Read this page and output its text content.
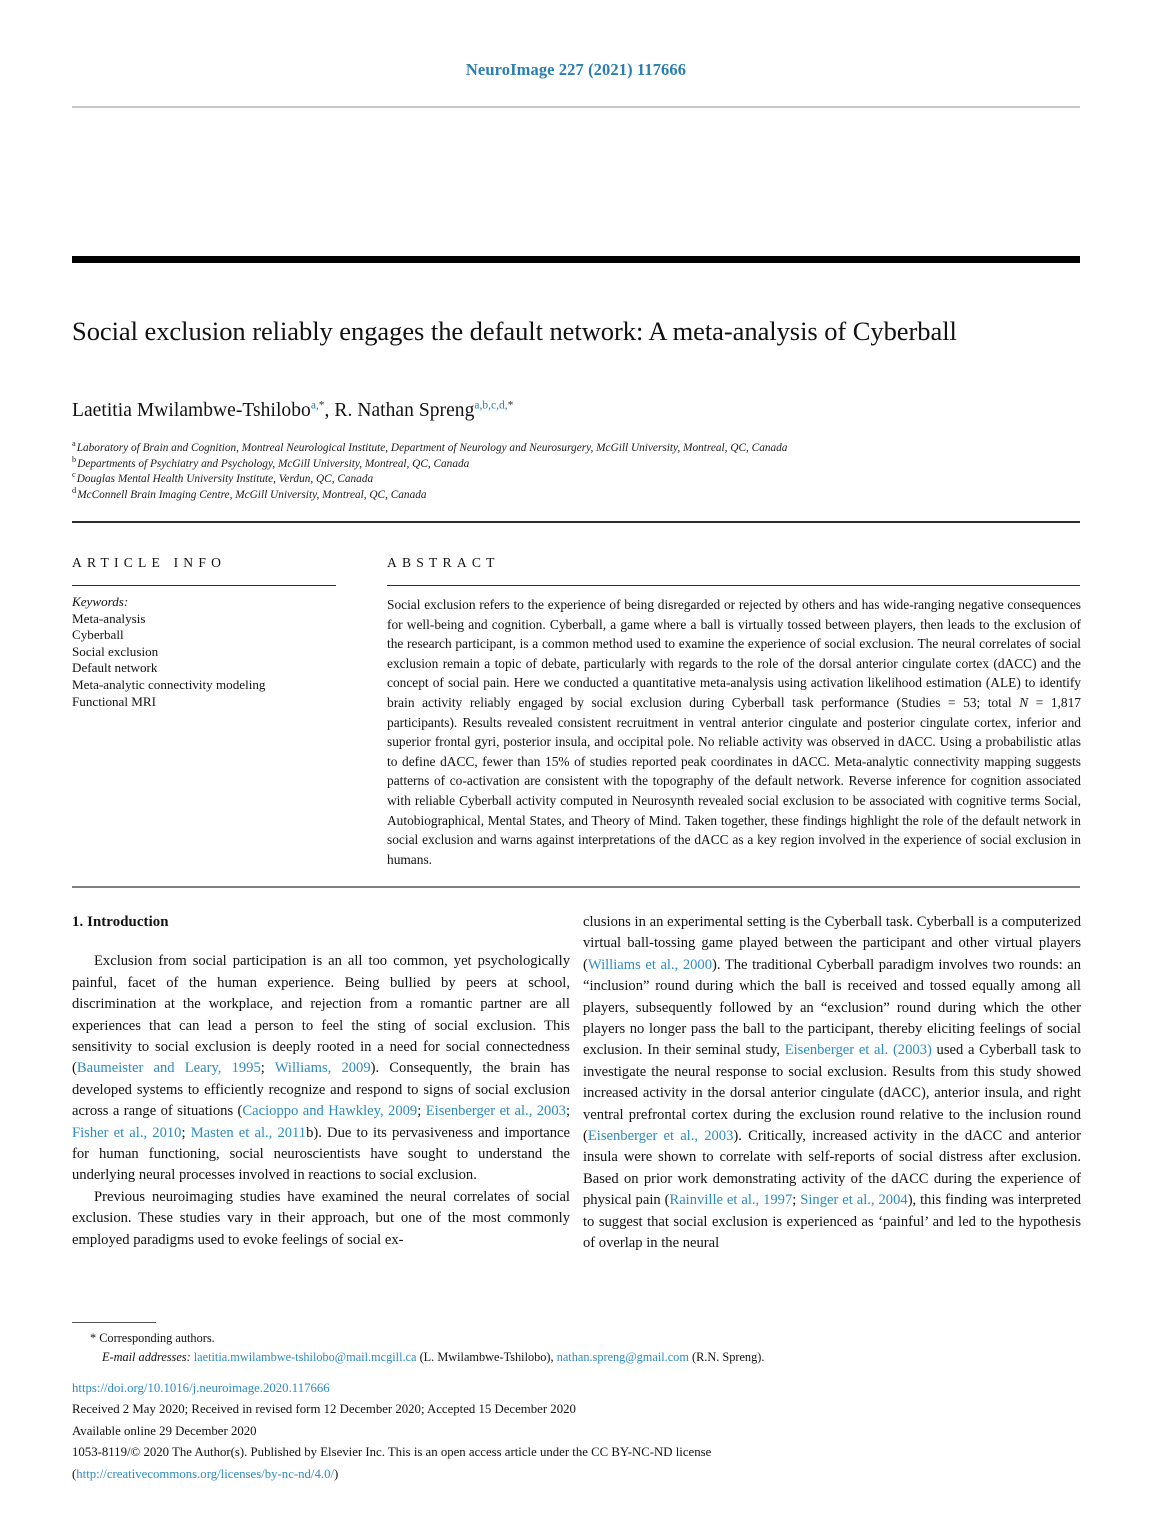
NeuroImage 227 (2021) 117666
Social exclusion reliably engages the default network: A meta-analysis of Cyberball
Laetitia Mwilambwe-Tshilobo$^{a,*}$, R. Nathan Spreng$^{a,b,c,d,*}$
$^a$Laboratory of Brain and Cognition, Montreal Neurological Institute, Department of Neurology and Neurosurgery, McGill University, Montreal, QC, Canada
$^b$Departments of Psychiatry and Psychology, McGill University, Montreal, QC, Canada
$^c$Douglas Mental Health University Institute, Verdun, QC, Canada
$^d$McConnell Brain Imaging Centre, McGill University, Montreal, QC, Canada
ARTICLE INFO
Keywords:
Meta-analysis
Cyberball
Social exclusion
Default network
Meta-analytic connectivity modeling
Functional MRI
ABSTRACT
Social exclusion refers to the experience of being disregarded or rejected by others and has wide-ranging negative consequences for well-being and cognition. Cyberball, a game where a ball is virtually tossed between players, then leads to the exclusion of the research participant, is a common method used to examine the experience of social exclusion. The neural correlates of social exclusion remain a topic of debate, particularly with regards to the role of the dorsal anterior cingulate cortex (dACC) and the concept of social pain. Here we conducted a quantitative meta-analysis using activation likelihood estimation (ALE) to identify brain activity reliably engaged by social exclusion during Cyberball task performance (Studies = 53; total N = 1,817 participants). Results revealed consistent recruitment in ventral anterior cingulate and posterior cingulate cortex, inferior and superior frontal gyri, posterior insula, and occipital pole. No reliable activity was observed in dACC. Using a probabilistic atlas to define dACC, fewer than 15% of studies reported peak coordinates in dACC. Meta-analytic connectivity mapping suggests patterns of co-activation are consistent with the topography of the default network. Reverse inference for cognition associated with reliable Cyberball activity computed in Neurosynth revealed social exclusion to be associated with cognitive terms Social, Autobiographical, Mental States, and Theory of Mind. Taken together, these findings highlight the role of the default network in social exclusion and warns against interpretations of the dACC as a key region involved in the experience of social exclusion in humans.
1. Introduction

Exclusion from social participation is an all too common, yet psychologically painful, facet of the human experience. Being bullied by peers at school, discrimination at the workplace, and rejection from a romantic partner are all experiences that can lead a person to feel the sting of social exclusion. This sensitivity to social exclusion is deeply rooted in a need for social connectedness (Baumeister and Leary, 1995; Williams, 2009). Consequently, the brain has developed systems to efficiently recognize and respond to signs of social exclusion across a range of situations (Cacioppo and Hawkley, 2009; Eisenberger et al., 2003; Fisher et al., 2010; Masten et al., 2011b). Due to its pervasiveness and importance for human functioning, social neuroscientists have sought to understand the underlying neural processes involved in reactions to social exclusion.

Previous neuroimaging studies have examined the neural correlates of social exclusion. These studies vary in their approach, but one of the most commonly employed paradigms used to evoke feelings of social ex-

clusions in an experimental setting is the Cyberball task. Cyberball is a computerized virtual ball-tossing game played between the participant and other virtual players (Williams et al., 2000). The traditional Cyberball paradigm involves two rounds: an “inclusion” round during which the ball is received and tossed equally among all players, subsequently followed by an “exclusion” round during which the other players no longer pass the ball to the participant, thereby eliciting feelings of social exclusion. In their seminal study, Eisenberger et al. (2003) used a Cyberball task to investigate the neural response to social exclusion. Results from this study showed increased activity in the dorsal anterior cingulate (dACC), anterior insula, and right ventral prefrontal cortex during the exclusion round relative to the inclusion round (Eisenberger et al., 2003). Critically, increased activity in the dACC and anterior insula were shown to correlate with self-reports of social distress after exclusion. Based on prior work demonstrating activity of the dACC during the experience of physical pain (Rainville et al., 1997; Singer et al., 2004), this finding was interpreted to suggest that social exclusion is experienced as ‘painful’ and led to the hypothesis of overlap in the neural

* Corresponding authors.
E-mail addresses: laetitia.mwilambwe-tshilobo@mail.mcgill.ca (L. Mwilambwe-Tshilobo), nathan.spreng@gmail.com (R.N. Spreng).
https://doi.org/10.1016/j.neuroimage.2020.117666
Received 2 May 2020; Received in revised form 12 December 2020; Accepted 15 December 2020
Available online 29 December 2020
1053-8119/© 2020 The Author(s). Published by Elsevier Inc. This is an open access article under the CC BY-NC-ND license
(http://creativecommons.org/licenses/by-nc-nd/4.0/)
